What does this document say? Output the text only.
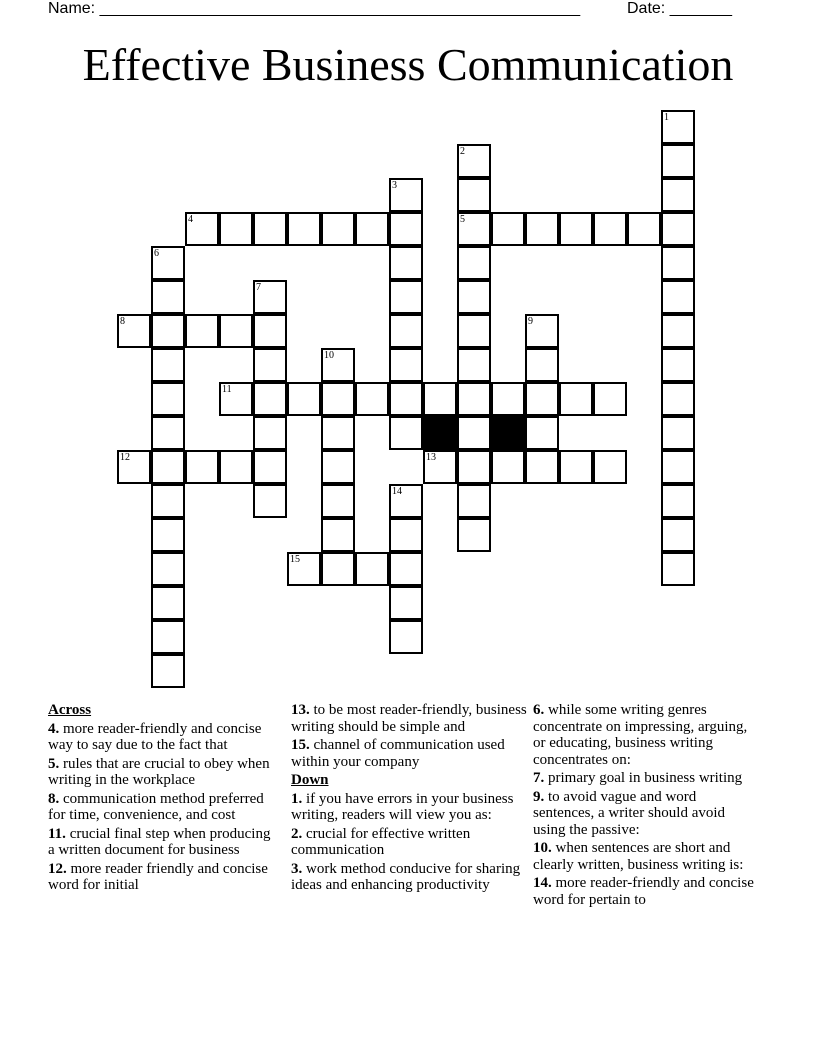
Name: ______________________________________________________	Date: _______
Effective Business Communication
1
2
3
4	5
6
7
8	9
10
11
12	13
14
15
Across
4. more reader-friendly and concise way to say due to the fact that
5. rules that are crucial to obey when writing in the workplace
8. communication method preferred for time, convenience, and cost
11. crucial final step when producing a written document for business
12. more reader friendly and concise word for initial
13. to be most reader-friendly, business writing should be simple and
15. channel of communication used within your company
Down
1. if you have errors in your business writing, readers will view you as:
2. crucial for effective written communication
3. work method conducive for sharing ideas and enhancing productivity
6. while some writing genres concentrate on impressing, arguing, or educating, business writing concentrates on:
7. primary goal in business writing
9. to avoid vague and word sentences, a writer should avoid using the passive:
10. when sentences are short and clearly written, business writing is:
14. more reader-friendly and concise word for pertain to
